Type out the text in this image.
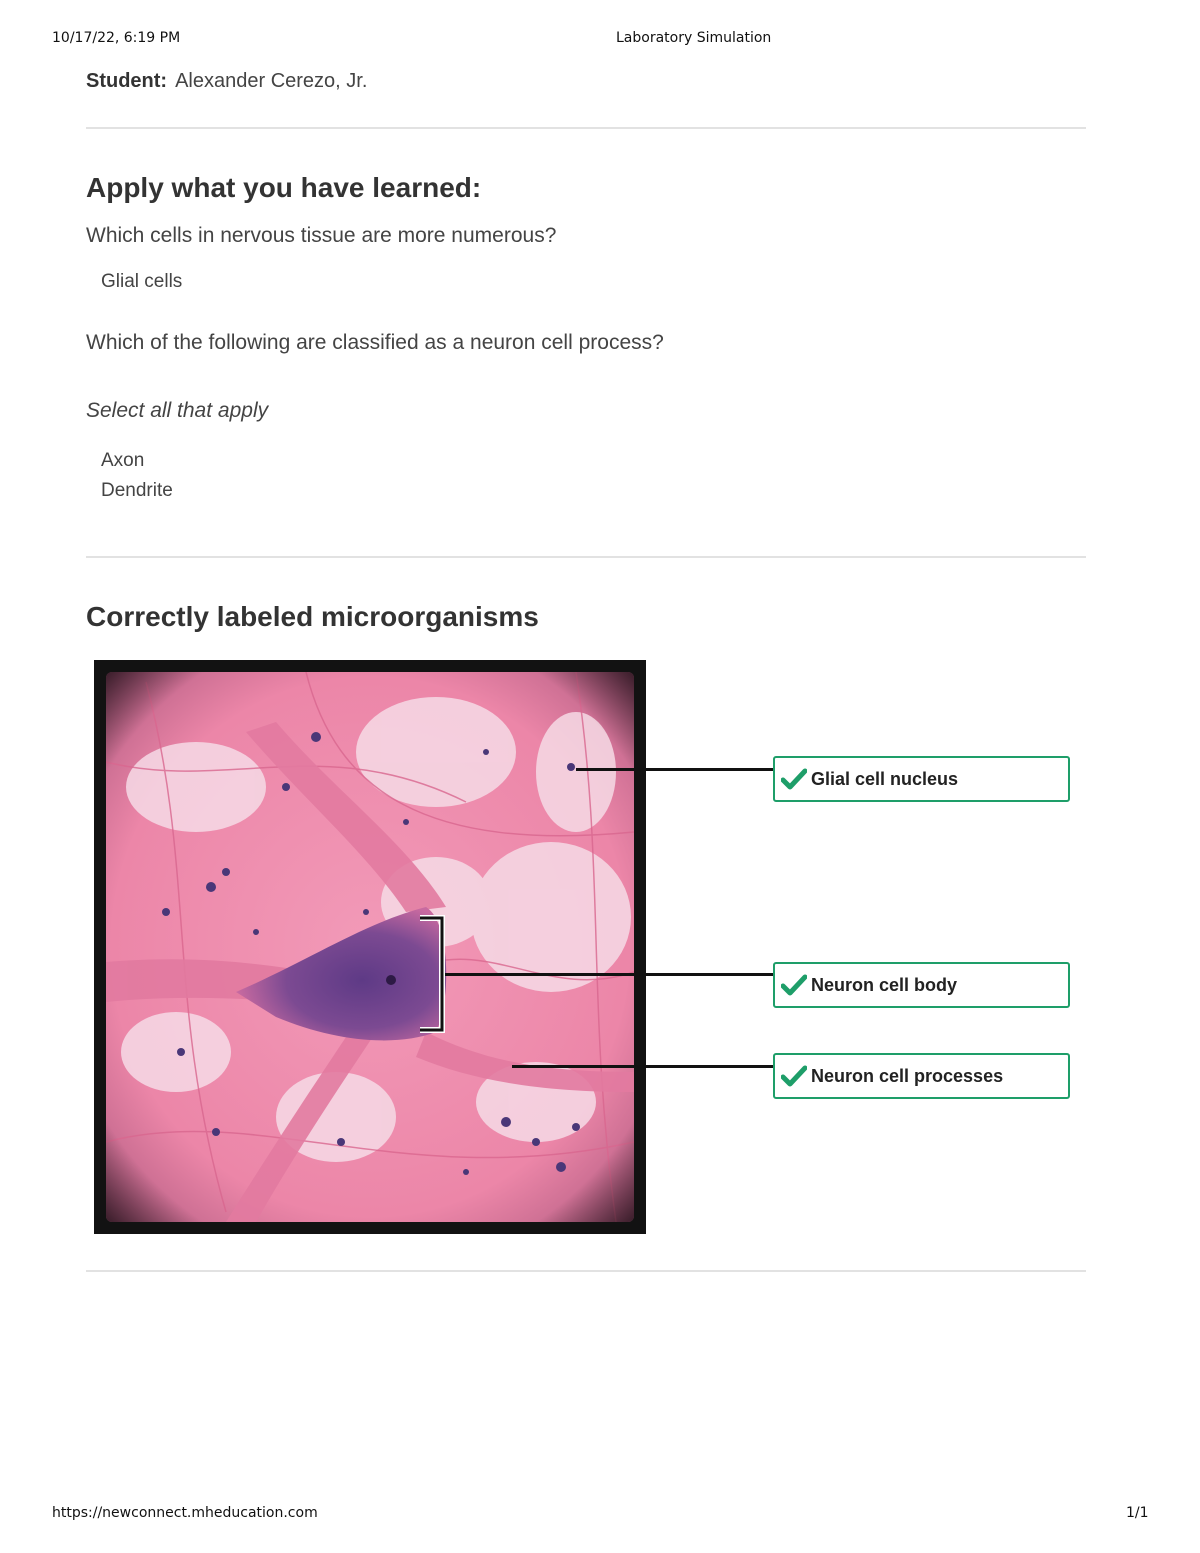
10/17/22, 6:19 PM	Laboratory Simulation
Student: Alexander Cerezo, Jr.
Apply what you have learned:
Which cells in nervous tissue are more numerous?
Glial cells
Which of the following are classified as a neuron cell process?
Select all that apply
Axon
Dendrite
Correctly labeled microorganisms
Glial cell nucleus
Neuron cell body
Neuron cell processes
https://newconnect.mheducation.com	1/1
